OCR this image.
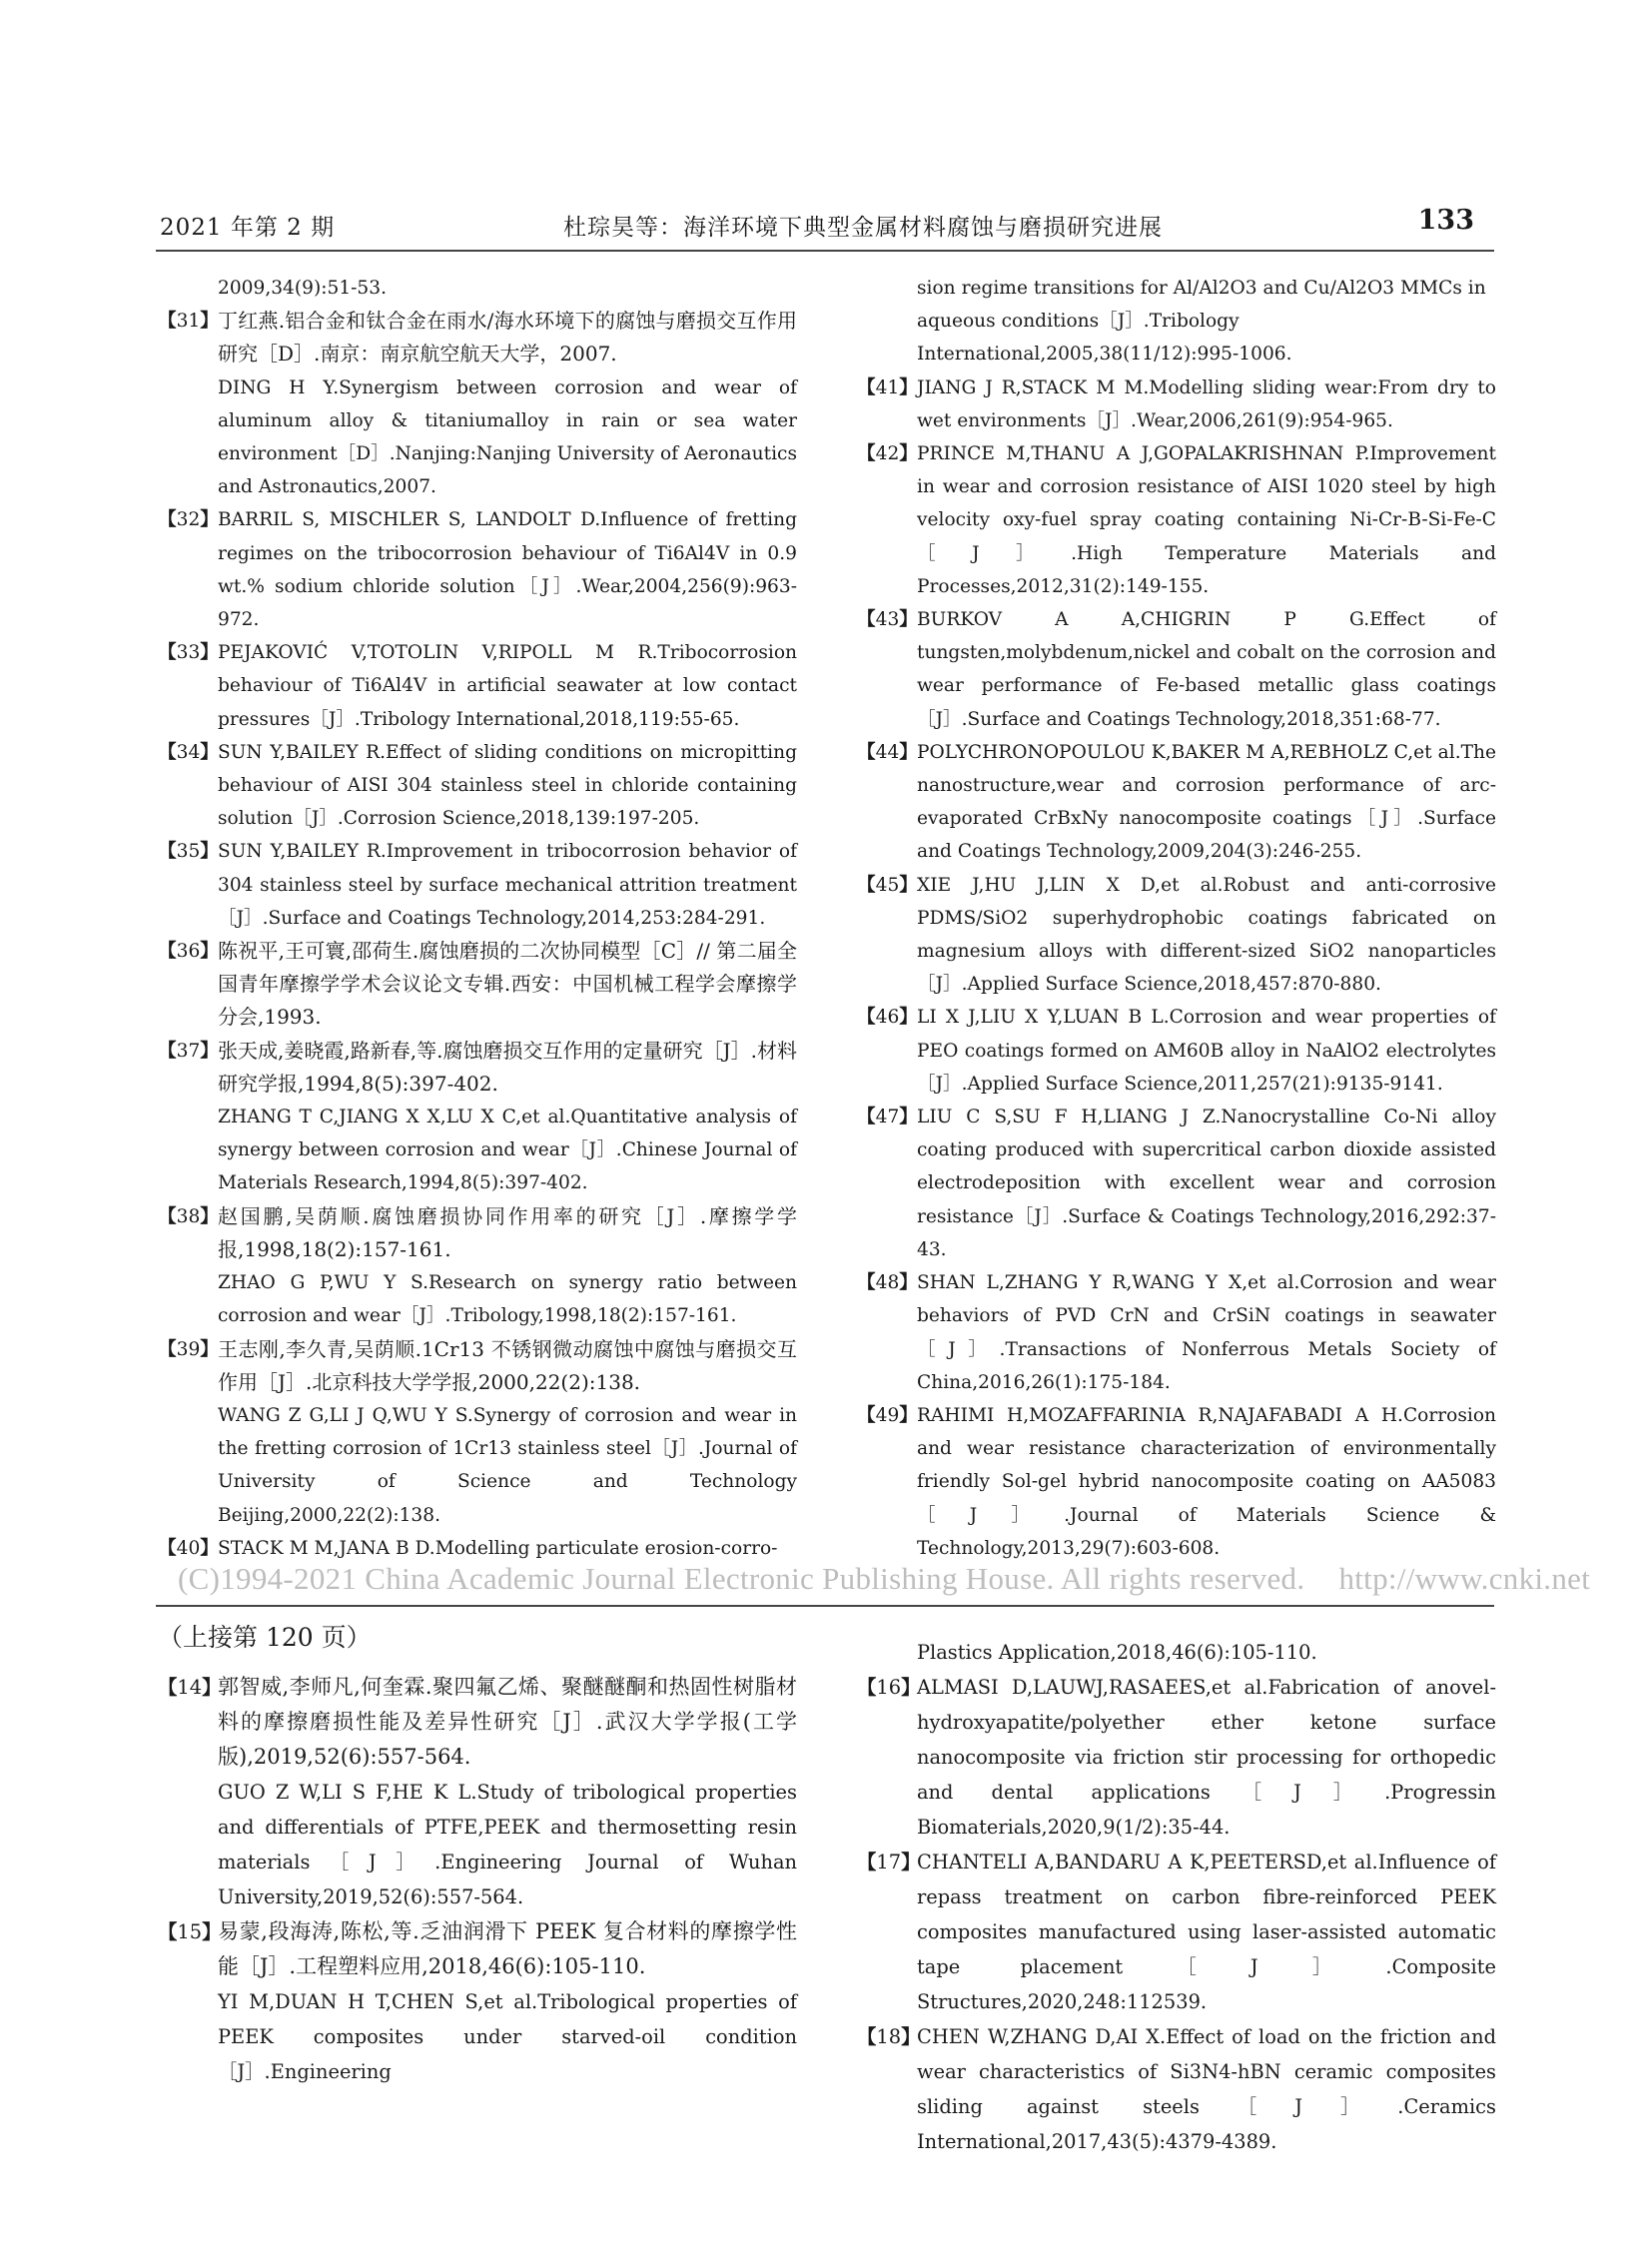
2021 年第 2 期	杜琮昊等：海洋环境下典型金属材料腐蚀与磨损研究进展	133
2009,34(9):51-53.
【31】 丁红燕.铝合金和钛合金在雨水/海水环境下的腐蚀与磨损交互作用研究［D］.南京：南京航空航天大学，2007.
DING H Y.Synergism between corrosion and wear of aluminum alloy & titaniumalloy in rain or sea water environment［D］.Nanjing:Nanjing University of Aeronautics and Astronautics,2007.
【32】 BARRIL S, MISCHLER S, LANDOLT D.Influence of fretting regimes on the tribocorrosion behaviour of Ti6Al4V in 0.9 wt.% sodium chloride solution［J］.Wear,2004,256(9):963-972.
【33】 PEJAKOVIĆ V,TOTOLIN V,RIPOLL M R.Tribocorrosion behaviour of Ti6Al4V in artificial seawater at low contact pressures［J］.Tribology International,2018,119:55-65.
【34】 SUN Y,BAILEY R.Effect of sliding conditions on micropitting behaviour of AISI 304 stainless steel in chloride containing solution［J］.Corrosion Science,2018,139:197-205.
【35】 SUN Y,BAILEY R.Improvement in tribocorrosion behavior of 304 stainless steel by surface mechanical attrition treatment［J］.Surface and Coatings Technology,2014,253:284-291.
【36】 陈祝平,王可寰,邵荷生.腐蚀磨损的二次协同模型［C］// 第二届全国青年摩擦学学术会议论文专辑.西安：中国机械工程学会摩擦学分会,1993.
【37】 张天成,姜晓霞,路新春,等.腐蚀磨损交互作用的定量研究［J］.材料研究学报,1994,8(5):397-402.
ZHANG T C,JIANG X X,LU X C,et al.Quantitative analysis of synergy between corrosion and wear［J］.Chinese Journal of Materials Research,1994,8(5):397-402.
【38】 赵国鹏,吴荫顺.腐蚀磨损协同作用率的研究［J］.摩擦学学报,1998,18(2):157-161.
ZHAO G P,WU Y S.Research on synergy ratio between corrosion and wear［J］.Tribology,1998,18(2):157-161.
【39】 王志刚,李久青,吴荫顺.1Cr13 不锈钢微动腐蚀中腐蚀与磨损交互作用［J］.北京科技大学学报,2000,22(2):138.
WANG Z G,LI J Q,WU Y S.Synergy of corrosion and wear in the fretting corrosion of 1Cr13 stainless steel［J］.Journal of University of Science and Technology Beijing,2000,22(2):138.
【40】 STACK M M,JANA B D.Modelling particulate erosion-corro-
sion regime transitions for Al/Al2O3 and Cu/Al2O3 MMCs in aqueous conditions［J］.Tribology International,2005,38(11/12):995-1006.
【41】 JIANG J R,STACK M M.Modelling sliding wear:From dry to wet environments［J］.Wear,2006,261(9):954-965.
【42】 PRINCE M,THANU A J,GOPALAKRISHNAN P.Improvement in wear and corrosion resistance of AISI 1020 steel by high velocity oxy-fuel spray coating containing Ni-Cr-B-Si-Fe-C［J］.High Temperature Materials and Processes,2012,31(2):149-155.
【43】 BURKOV A A,CHIGRIN P G.Effect of tungsten,molybdenum,nickel and cobalt on the corrosion and wear performance of Fe-based metallic glass coatings［J］.Surface and Coatings Technology,2018,351:68-77.
【44】 POLYCHRONOPOULOU K,BAKER M A,REBHOLZ C,et al.The nanostructure,wear and corrosion performance of arc-evaporated CrBxNy nanocomposite coatings［J］.Surface and Coatings Technology,2009,204(3):246-255.
【45】 XIE J,HU J,LIN X D,et al.Robust and anti-corrosive PDMS/SiO2 superhydrophobic coatings fabricated on magnesium alloys with different-sized SiO2 nanoparticles［J］.Applied Surface Science,2018,457:870-880.
【46】 LI X J,LIU X Y,LUAN B L.Corrosion and wear properties of PEO coatings formed on AM60B alloy in NaAlO2 electrolytes［J］.Applied Surface Science,2011,257(21):9135-9141.
【47】 LIU C S,SU F H,LIANG J Z.Nanocrystalline Co-Ni alloy coating produced with supercritical carbon dioxide assisted electrodeposition with excellent wear and corrosion resistance［J］.Surface & Coatings Technology,2016,292:37-43.
【48】 SHAN L,ZHANG Y R,WANG Y X,et al.Corrosion and wear behaviors of PVD CrN and CrSiN coatings in seawater［J］.Transactions of Nonferrous Metals Society of China,2016,26(1):175-184.
【49】 RAHIMI H,MOZAFFARINIA R,NAJAFABADI A H.Corrosion and wear resistance characterization of environmentally friendly Sol-gel hybrid nanocomposite coating on AA5083［J］.Journal of Materials Science & Technology,2013,29(7):603-608.
（上接第 120 页）
【14】
郭智威,李师凡,何奎霖.聚四氟乙烯、聚醚醚酮和热固性树脂材料的摩擦磨损性能及差异性研究［J］.武汉大学学报(工学版),2019,52(6):557-564.
GUO Z W,LI S F,HE K L.Study of tribological properties and differentials of PTFE,PEEK and thermosetting resin materials［J］.Engineering Journal of Wuhan University,2019,52(6):557-564.
【15】
易蒙,段海涛,陈松,等.乏油润滑下 PEEK 复合材料的摩擦学性能［J］.工程塑料应用,2018,46(6):105-110.
YI M,DUAN H T,CHEN S,et al.Tribological properties of PEEK composites under starved-oil condition［J］.Engineering
Plastics Application,2018,46(6):105-110.
【16】
ALMASI D,LAUWJ,RASAEES,et al.Fabrication of anovel-hydroxyapatite/polyether ether ketone surface nanocomposite via friction stir processing for orthopedic and dental applications［J］.Progressin Biomaterials,2020,9(1/2):35-44.
【17】
CHANTELI A,BANDARU A K,PEETERSD,et al.Influence of repass treatment on carbon fibre-reinforced PEEK composites manufactured using laser-assisted automatic tape placement［J］.Composite Structures,2020,248:112539.
【18】
CHEN W,ZHANG D,AI X.Effect of load on the friction and wear characteristics of Si3N4-hBN ceramic composites sliding against steels［J］.Ceramics International,2017,43(5):4379-4389.
(C)1994-2021 China Academic Journal Electronic Publishing House. All rights reserved. http://www.cnki.net
